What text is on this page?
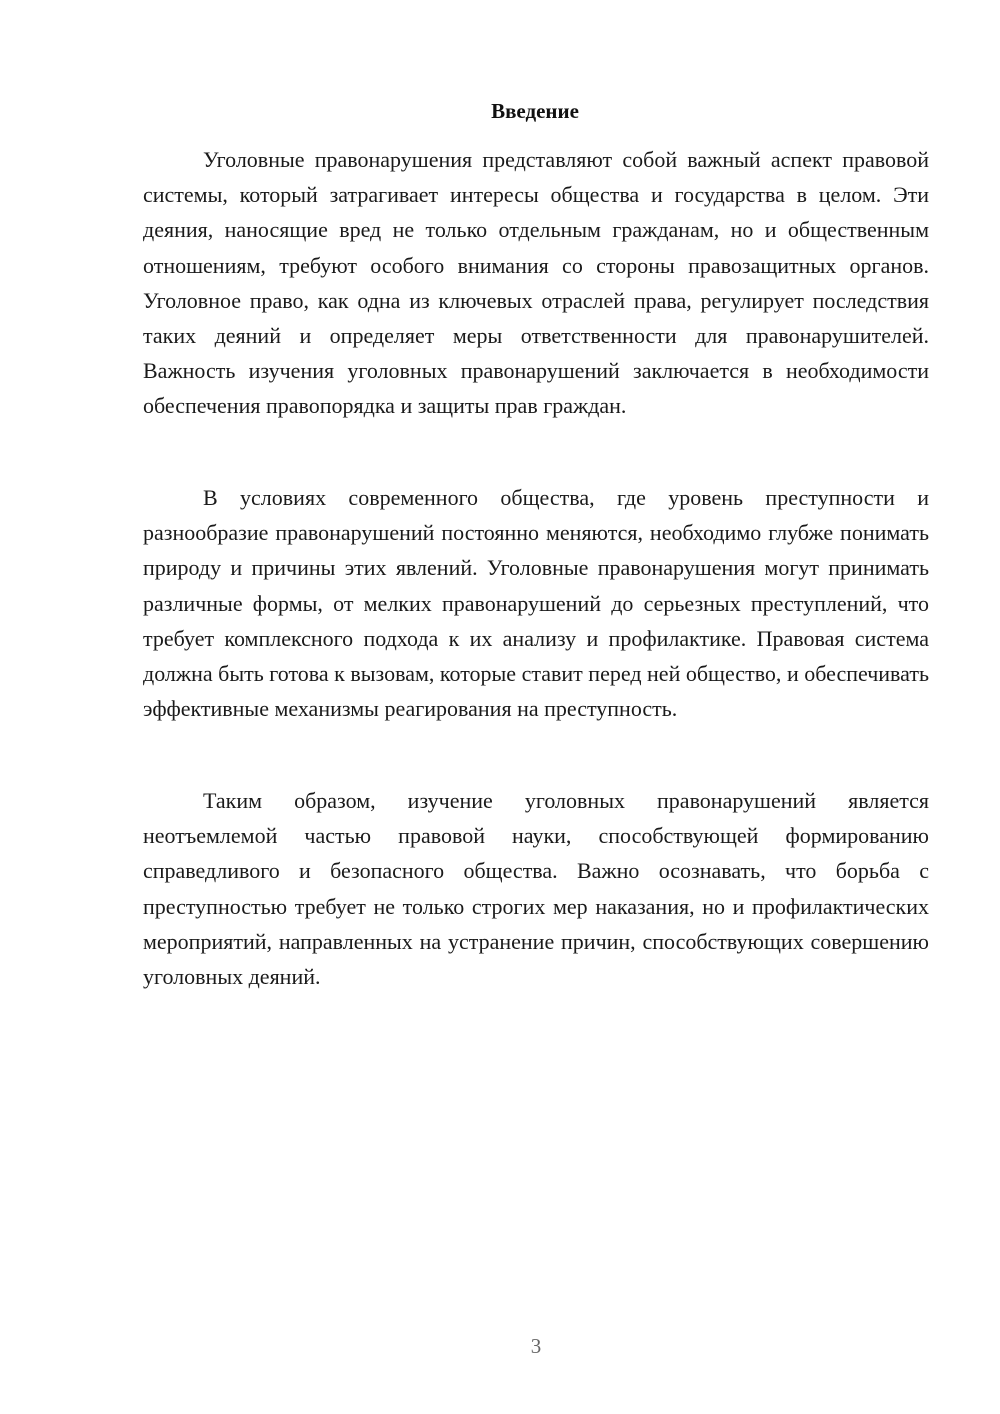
Введение

Уголовные правонарушения представляют собой важный аспект правовой системы, который затрагивает интересы общества и государства в целом. Эти деяния, наносящие вред не только отдельным гражданам, но и общественным отношениям, требуют особого внимания со стороны правозащитных органов. Уголовное право, как одна из ключевых отраслей права, регулирует последствия таких деяний и определяет меры ответственности для правонарушителей. Важность изучения уголовных правонарушений заключается в необходимости обеспечения правопорядка и защиты прав граждан.

В условиях современного общества, где уровень преступности и разнообразие правонарушений постоянно меняются, необходимо глубже понимать природу и причины этих явлений. Уголовные правонарушения могут принимать различные формы, от мелких правонарушений до серьезных преступлений, что требует комплексного подхода к их анализу и профилактике. Правовая система должна быть готова к вызовам, которые ставит перед ней общество, и обеспечивать эффективные механизмы реагирования на преступность.

Таким образом, изучение уголовных правонарушений является неотъемлемой частью правовой науки, способствующей формированию справедливого и безопасного общества. Важно осознавать, что борьба с преступностью требует не только строгих мер наказания, но и профилактических мероприятий, направленных на устранение причин, способствующих совершению уголовных деяний.

3
